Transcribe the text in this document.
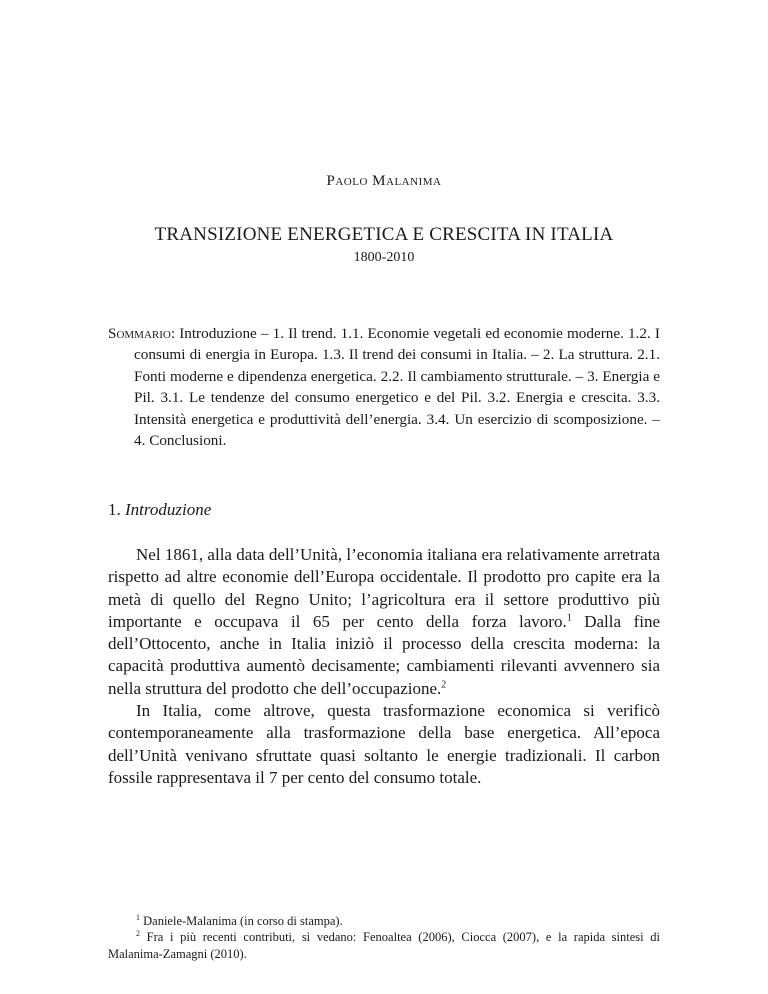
Paolo Malanima
TRANSIZIONE ENERGETICA E CRESCITA IN ITALIA
1800-2010
Sommario: Introduzione – 1. Il trend. 1.1. Economie vegetali ed economie moderne. 1.2. I consumi di energia in Europa. 1.3. Il trend dei consumi in Italia. – 2. La struttura. 2.1. Fonti moderne e dipendenza energetica. 2.2. Il cambiamento strutturale. – 3. Energia e Pil. 3.1. Le tendenze del consumo energetico e del Pil. 3.2. Energia e crescita. 3.3. Intensità energetica e produttività dell’energia. 3.4. Un esercizio di scomposizione. – 4. Conclusioni.
1. Introduzione

Nel 1861, alla data dell’Unità, l’economia italiana era relativamente arretrata rispetto ad altre economie dell’Europa occidentale. Il prodotto pro capite era la metà di quello del Regno Unito; l’agricoltura era il settore produttivo più importante e occupava il 65 per cento della forza lavoro.$^1$ Dalla fine dell’Ottocento, anche in Italia iniziò il processo della crescita moderna: la capacità produttiva aumentò decisamente; cambiamenti rilevanti avvennero sia nella struttura del prodotto che dell’occupazione.$^2$

In Italia, come altrove, questa trasformazione economica si verificò contemporaneamente alla trasformazione della base energetica. All’epoca dell’Unità venivano sfruttate quasi soltanto le energie tradizionali. Il carbon fossile rappresentava il 7 per cento del consumo totale.

$^1$ Daniele-Malanima (in corso di stampa).

$^2$ Fra i più recenti contributi, si vedano: Fenoaltea (2006), Ciocca (2007), e la rapida sintesi di Malanima-Zamagni (2010).
